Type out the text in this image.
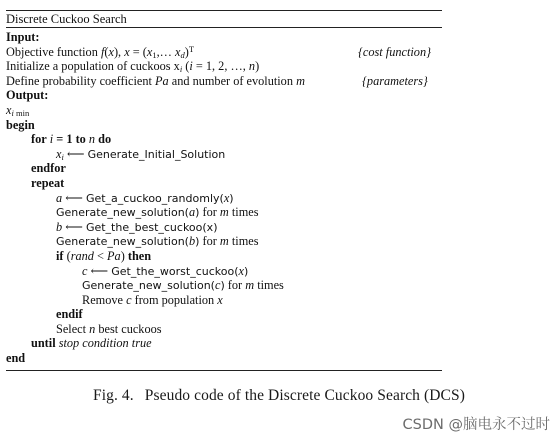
Discrete Cuckoo Search
Input:
Objective function f(x), $x = (x_1,\dots$ $x_d)^T$	{cost function}
Initialize a population of cuckoos $x_i$ (i = 1, 2, …, n)
Define probability coefficient Pa and number of evolution m	{parameters}
Output:
$x_{i min}$
begin
for i = 1 to n do
$x_i$ ⟵ Generate_Initial_Solution
endfor
repeat
a ⟵ Get_a_cuckoo_randomly(x)
Generate_new_solution(a) for m times
b ⟵ Get_the_best_cuckoo(x)
Generate_new_solution(b) for m times
if (rand < Pa) then
c ⟵ Get_the_worst_cuckoo(x)
Generate_new_solution(c) for m times
Remove c from population x
endif
Select n best cuckoos
until stop condition true
end
Fig. 4. Pseudo code of the Discrete Cuckoo Search (DCS)
CSDN @脑电永不过时
